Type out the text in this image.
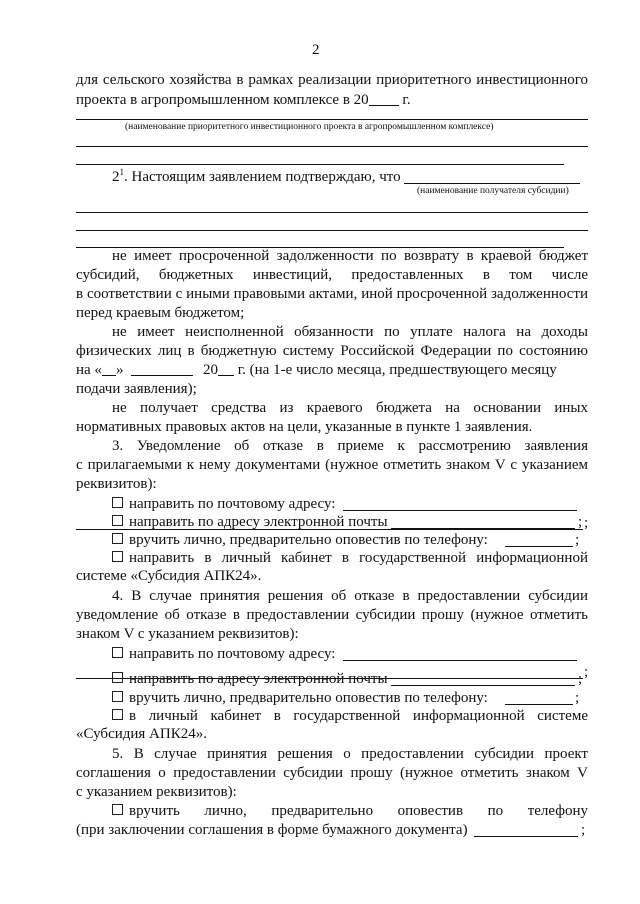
2
для сельского хозяйства в рамках реализации приоритетного инвестиционного
проекта в агропромышленном комплексе в 20 г.
(наименование приоритетного инвестиционного проекта в агропромышленном комплексе)
$2^1$. Настоящим заявлением подтверждаю, что
(наименование получателя субсидии)
не имеет просроченной задолженности по возврату в краевой бюджет
субсидий, бюджетных инвестиций, предоставленных в том числе
в соответствии с иными правовыми актами, иной просроченной задолженности
перед краевым бюджетом;
не имеет неисполненной обязанности по уплате налога на доходы
физических лиц в бюджетную систему Российской Федерации по состоянию
на « »	20 г. (на 1-е число месяца, предшествующего месяцу
подачи заявления);
не получает средства из краевого бюджета на основании иных
нормативных правовых актов на цели, указанные в пункте 1 заявления.
3. Уведомление об отказе в приеме к рассмотрению заявления
с прилагаемыми к нему документами (нужное отметить знаком V с указанием
реквизитов):
направить по почтовому адресу:
;
направить по адресу электронной почты	;
вручить лично, предварительно оповестив по телефону:	;
направить в личный кабинет в государственной информационной
системе «Субсидия АПК24».
4. В случае принятия решения об отказе в предоставлении субсидии
уведомление об отказе в предоставлении субсидии прошу (нужное отметить
знаком V с указанием реквизитов):
направить по почтовому адресу:
;
направить по адресу электронной почты	;
вручить лично, предварительно оповестив по телефону:	;
в личный кабинет в государственной информационной системе
«Субсидия АПК24».
5. В случае принятия решения о предоставлении субсидии проект
соглашения о предоставлении субсидии прошу (нужное отметить знаком V
с указанием реквизитов):
вручить лично, предварительно оповестив по телефону
(при заключении соглашения в форме бумажного документа)	;
